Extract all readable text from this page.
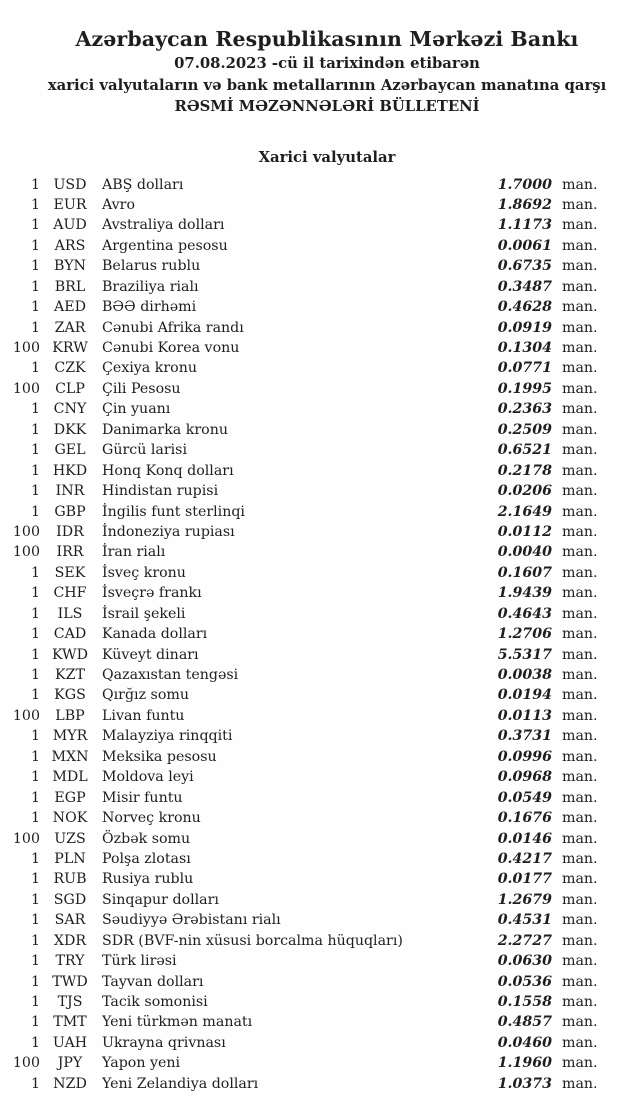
Azərbaycan Respublikasının Mərkəzi Bankı
07.08.2023 -cü il tarixindən etibarən
xarici valyutaların və bank metallarının Azərbaycan manatına qarşı
RƏSMİ MƏZƏNNƏLƏRİ BÜLLETENİ
Xarici valyutalar
1 USD	ABŞ dolları	1.7000 man.
1 EUR	Avro	1.8692 man.
1 AUD	Avstraliya dolları	1.1173 man.
1	ARS	Argentina pesosu	0.0061 man.
1 BYN	Belarus rublu	0.6735 man.
1	BRL	Braziliya rialı	0.3487 man.
1 AED	BƏƏ dirhəmi	0.4628 man.
1	ZAR	Cənubi Afrika randı	0.0919 man.
100 KRW	Cənubi Korea vonu	0.1304 man.
1	CZK	Çexiya kronu	0.0771 man.
100	CLP	Çili Pesosu	0.1995 man.
1 CNY	Çin yuanı	0.2363 man.
1 DKK	Danimarka kronu	0.2509 man.
1	GEL	Gürcü larisi	0.6521 man.
1 HKD	Honq Konq dolları	0.2178 man.
1	INR	Hindistan rupisi	0.0206 man.
1	GBP	İngilis funt sterlinqi	2.1649 man.
100	IDR	İndoneziya rupiası	0.0112 man.
100	IRR	İran rialı	0.0040 man.
1	SEK	İsveç kronu	0.1607 man.
1 CHF	İsveçrə frankı	1.9439 man.
1	ILS	İsrail şekeli	0.4643 man.
1 CAD	Kanada dolları	1.2706 man.
1 KWD Küveyt dinarı	5.5317 man.
1	KZT	Qazaxıstan tengəsi	0.0038 man.
1 KGS	Qırğız somu	0.0194 man.
100	LBP	Livan funtu	0.0113 man.
1 MYR	Malayziya rinqqiti	0.3731 man.
1 MXN Meksika pesosu	0.0996 man.
1 MDL	Moldova leyi	0.0968 man.
1	EGP	Misir funtu	0.0549 man.
1 NOK	Norveç kronu	0.1676 man.
100	UZS	Özbək somu	0.0146 man.
1	PLN	Polşa zlotası	0.4217 man.
1 RUB	Rusiya rublu	0.0177 man.
1 SGD	Sinqapur dolları	1.2679 man.
1	SAR	Səudiyyə Ərəbistanı rialı	0.4531 man.
1 XDR	SDR (BVF-nin xüsusi borcalma hüquqları)	2.2727 man.
1	TRY	Türk lirəsi	0.0630 man.
1 TWD	Tayvan dolları	0.0536 man.
1	TJS	Tacik somonisi	0.1558 man.
1 TMT	Yeni türkmən manatı	0.4857 man.
1 UAH	Ukrayna qrivnası	0.0460 man.
100	JPY	Yapon yeni	1.1960 man.
1 NZD	Yeni Zelandiya dolları	1.0373 man.
